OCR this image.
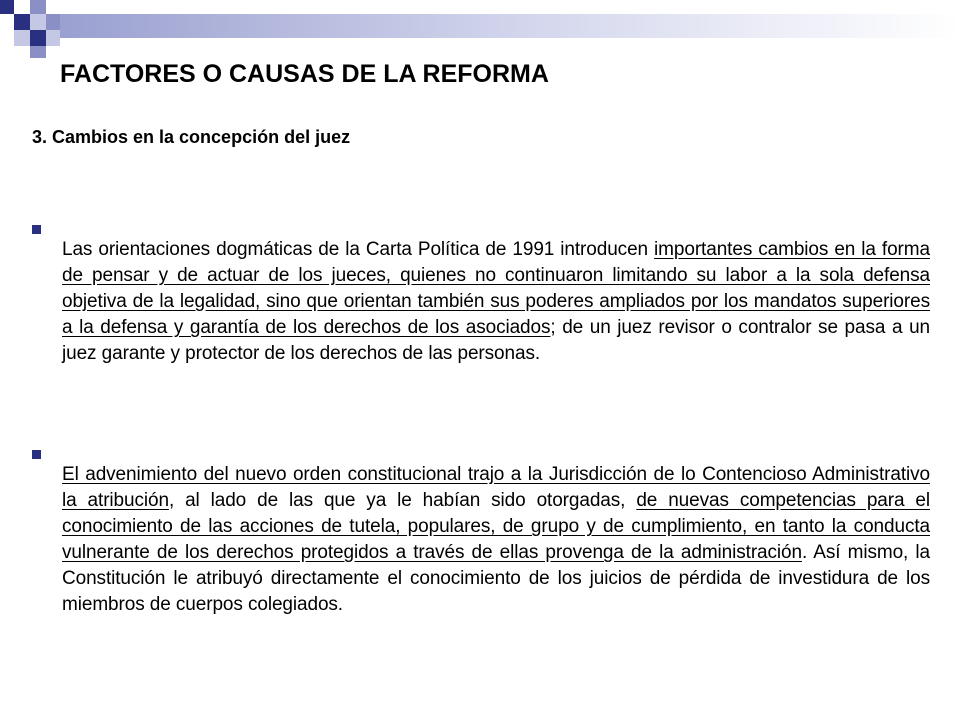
FACTORES O CAUSAS DE LA REFORMA
3. Cambios en la concepción del juez

Las orientaciones dogmáticas de la Carta Política de 1991 introducen importantes cambios en la forma de pensar y de actuar de los jueces, quienes no continuaron limitando su labor a la sola defensa objetiva de la legalidad, sino que orientan también sus poderes ampliados por los mandatos superiores a la defensa y garantía de los derechos de los asociados; de un juez revisor o contralor se pasa a un juez garante y protector de los derechos de las personas.

El advenimiento del nuevo orden constitucional trajo a la Jurisdicción de lo Contencioso Administrativo la atribución, al lado de las que ya le habían sido otorgadas, de nuevas competencias para el conocimiento de las acciones de tutela, populares, de grupo y de cumplimiento, en tanto la conducta vulnerante de los derechos protegidos a través de ellas provenga de la administración. Así mismo, la Constitución le atribuyó directamente el conocimiento de los juicios de pérdida de investidura de los miembros de cuerpos colegiados.
